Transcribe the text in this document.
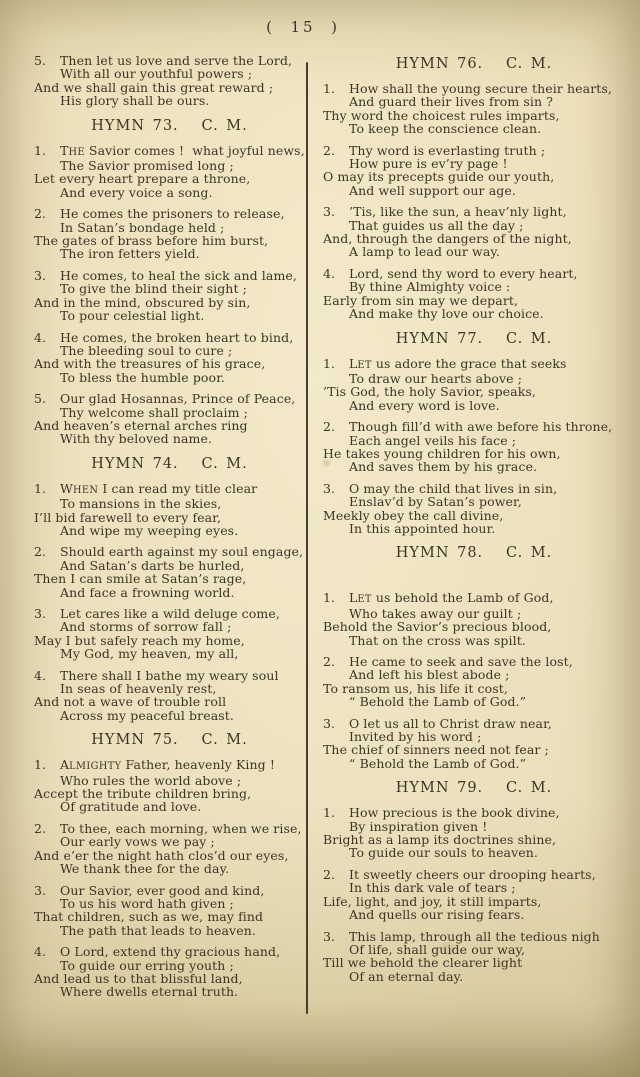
(  15  )
5. Then let us love and serve the Lord,
With all our youthful powers ;
And we shall gain this great reward ;
His glory shall be ours.
HYMN 73.   C. M.
1. THE Savior comes !  what joyful news,
The Savior promised long ;
Let every heart prepare a throne,
And every voice a song.
2. He comes the prisoners to release,
In Satan’s bondage held ;
The gates of brass before him burst,
The iron fetters yield.
3. He comes, to heal the sick and lame,
To give the blind their sight ;
And in the mind, obscured by sin,
To pour celestial light.
4. He comes, the broken heart to bind,
The bleeding soul to cure ;
And with the treasures of his grace,
To bless the humble poor.
5. Our glad Hosannas, Prince of Peace,
Thy welcome shall proclaim ;
And heaven’s eternal arches ring
With thy beloved name.
HYMN 74.   C. M.
1. WHEN I can read my title clear
To mansions in the skies,
I’ll bid farewell to every fear,
And wipe my weeping eyes.
2. Should earth against my soul engage,
And Satan’s darts be hurled,
Then I can smile at Satan’s rage,
And face a frowning world.
3. Let cares like a wild deluge come,
And storms of sorrow fall ;
May I but safely reach my home,
My God, my heaven, my all,
4. There shall I bathe my weary soul
In seas of heavenly rest,
And not a wave of trouble roll
Across my peaceful breast.
HYMN 75.   C. M.
1. ALMIGHTY Father, heavenly King !
Who rules the world above ;
Accept the tribute children bring,
Of gratitude and love.
2. To thee, each morning, when we rise,
Our early vows we pay ;
And e’er the night hath clos’d our eyes,
We thank thee for the day.
3. Our Savior, ever good and kind,
To us his word hath given ;
That children, such as we, may find
The path that leads to heaven.
4. O Lord, extend thy gracious hand,
To guide our erring youth ;
And lead us to that blissful land,
Where dwells eternal truth.
HYMN 76.   C. M.
1. How shall the young secure their hearts,
And guard their lives from sin ?
Thy word the choicest rules imparts,
To keep the conscience clean.
2. Thy word is everlasting truth ;
How pure is ev’ry page !
O may its precepts guide our youth,
And well support our age.
3. ’Tis, like the sun, a heav’nly light,
That guides us all the day ;
And, through the dangers of the night,
A lamp to lead our way.
4. Lord, send thy word to every heart,
By thine Almighty voice :
Early from sin may we depart,
And make thy love our choice.
HYMN 77.   C. M.
1. LET us adore the grace that seeks
To draw our hearts above ;
’Tis God, the holy Savior, speaks,
And every word is love.
2. Though fill’d with awe before his throne,
Each angel veils his face ;
He takes young children for his own,
And saves them by his grace.
3. O may the child that lives in sin,
Enslav’d by Satan’s power,
Meekly obey the call divine,
In this appointed hour.
HYMN 78.   C. M.
1. LET us behold the Lamb of God,
Who takes away our guilt ;
Behold the Savior’s precious blood,
That on the cross was spilt.
2. He came to seek and save the lost,
And left his blest abode ;
To ransom us, his life it cost,
“ Behold the Lamb of God.”
3. O let us all to Christ draw near,
Invited by his word ;
The chief of sinners need not fear ;
“ Behold the Lamb of God.”
HYMN 79.   C. M.
1. How precious is the book divine,
By inspiration given !
Bright as a lamp its doctrines shine,
To guide our souls to heaven.
2. It sweetly cheers our drooping hearts,
In this dark vale of tears ;
Life, light, and joy, it still imparts,
And quells our rising fears.
3. This lamp, through all the tedious nigh
Of life, shall guide our way,
Till we behold the clearer light
Of an eternal day.
